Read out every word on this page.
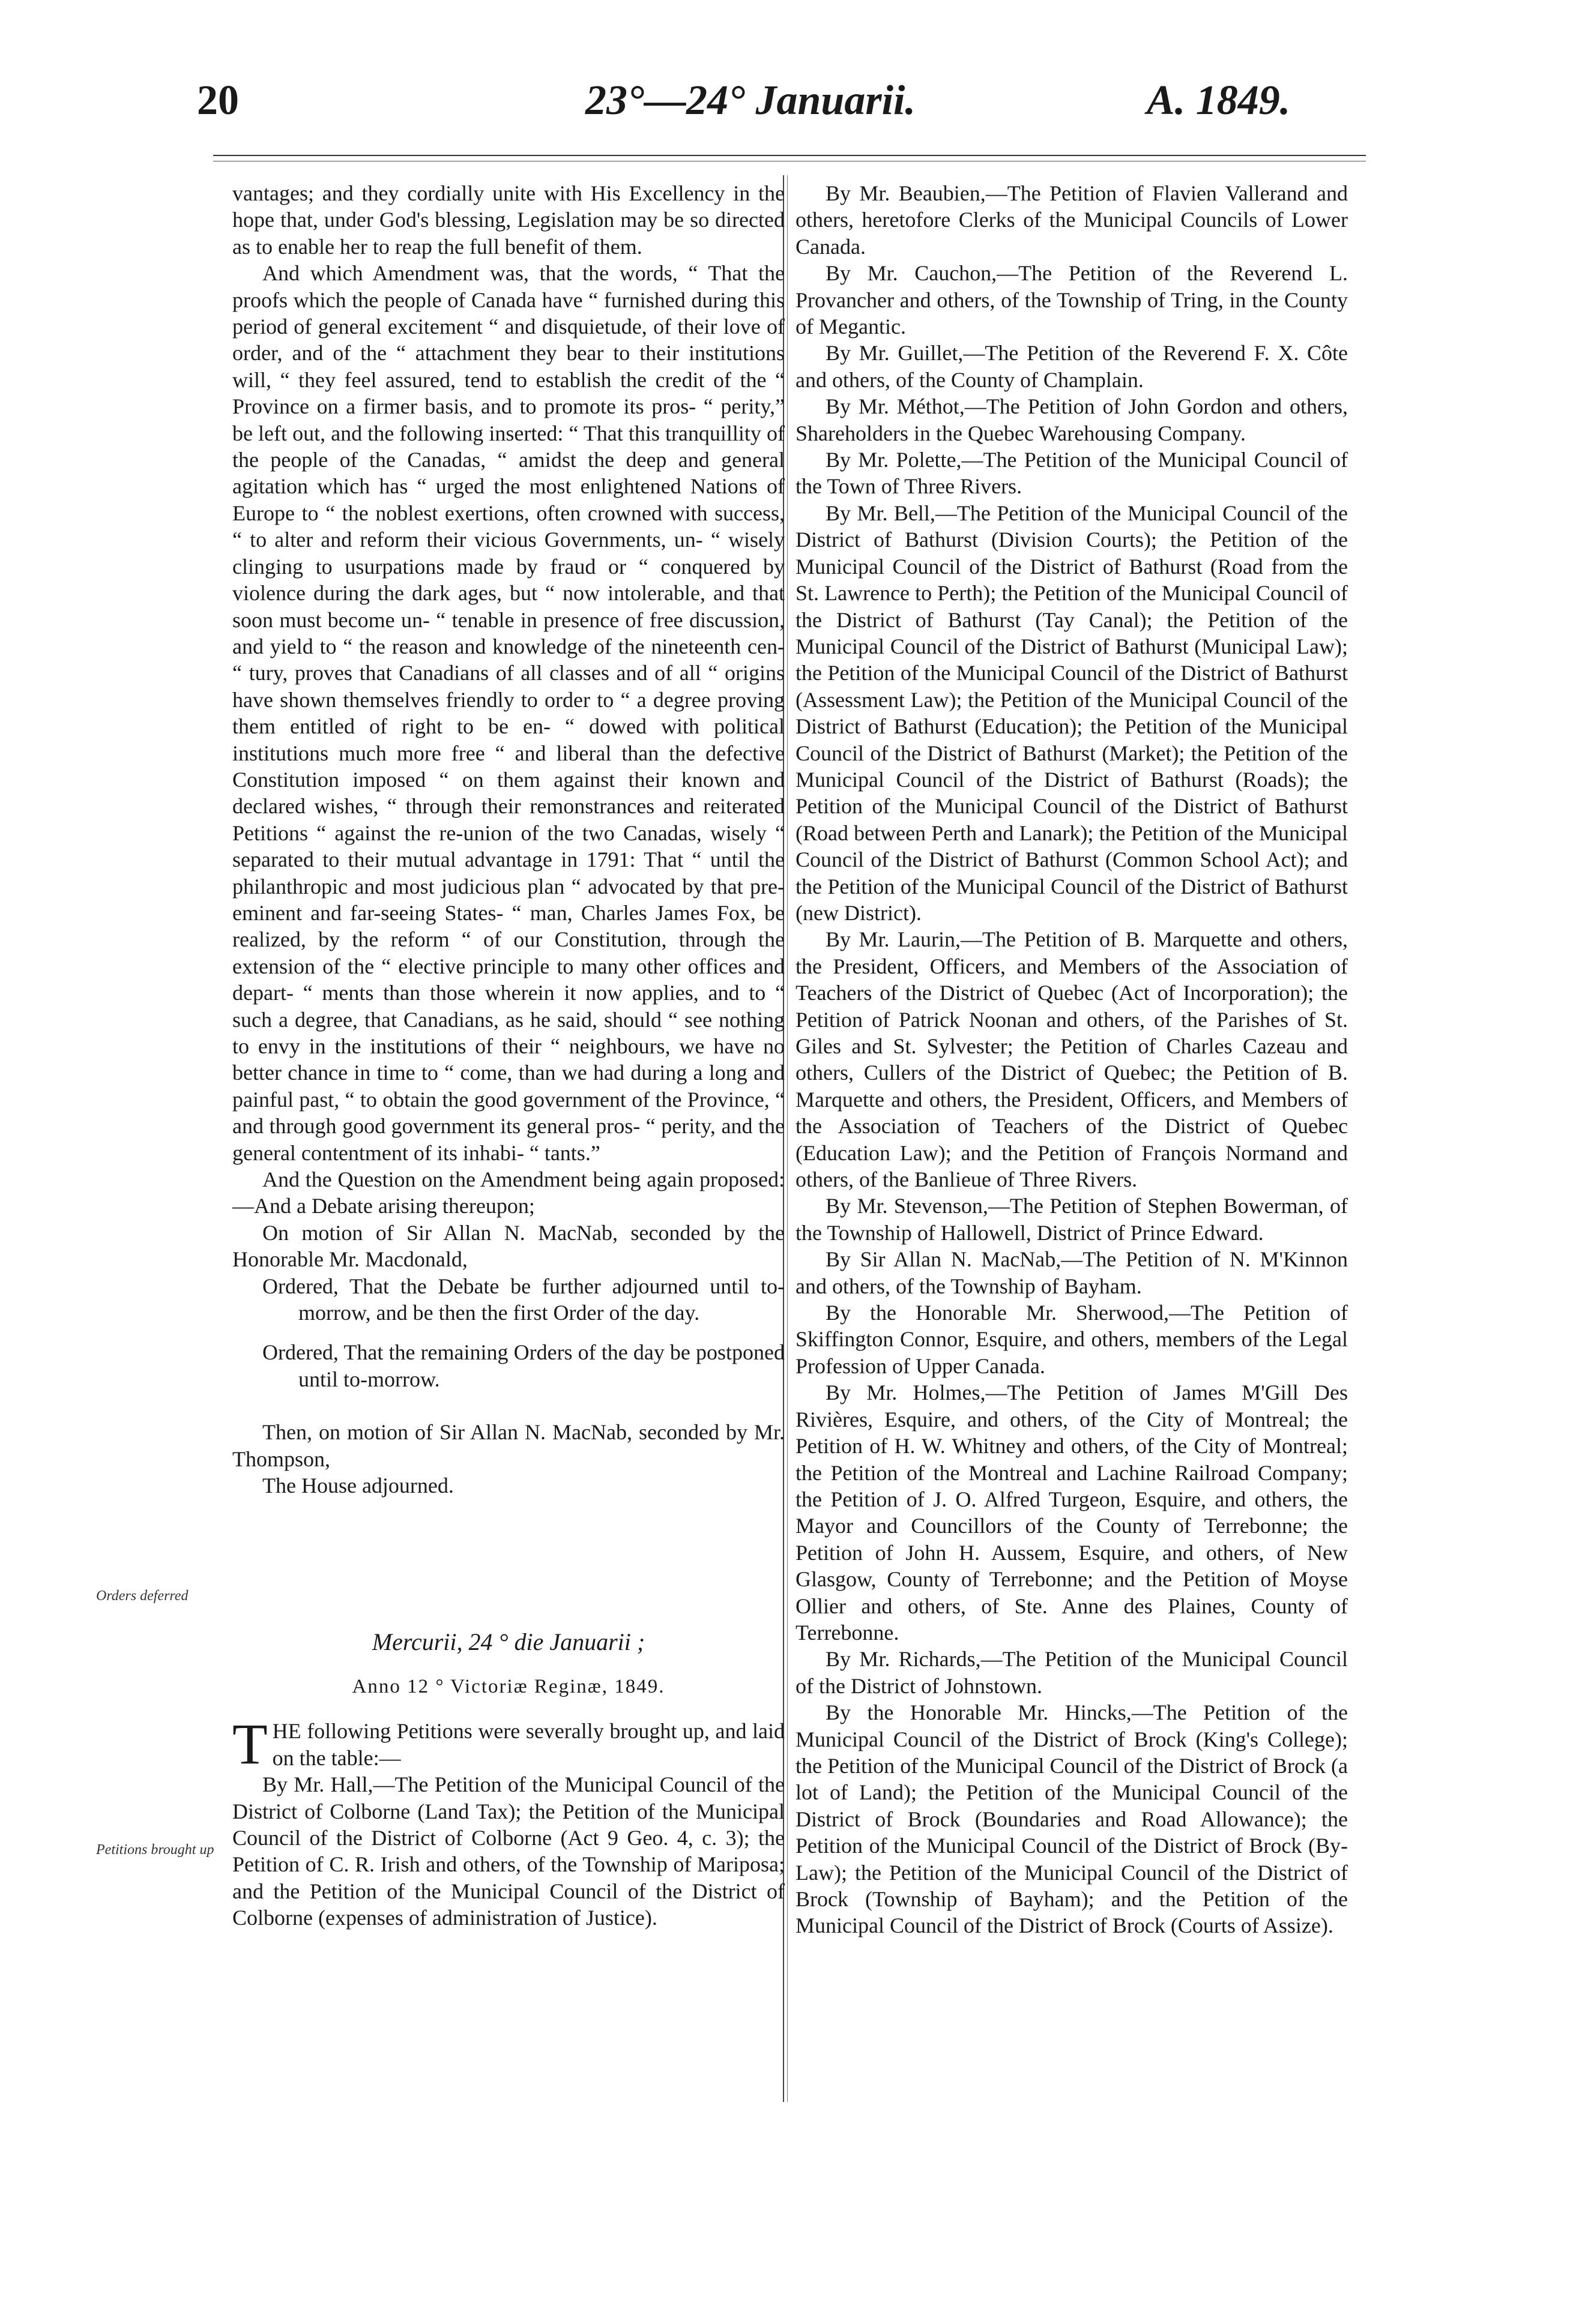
20	23°—24° Januarii.	A. 1849.
Orders deferred
Petitions brought up

vantages; and they cordially unite with His Excellency in the hope that, under God's blessing, Legislation may be so directed as to enable her to reap the full benefit of them.

And which Amendment was, that the words, “ That the proofs which the people of Canada have “ furnished during this period of general excitement “ and disquietude, of their love of order, and of the “ attachment they bear to their institutions will, “ they feel assured, tend to establish the credit of the “ Province on a firmer basis, and to promote its pros- “ perity,” be left out, and the following inserted: “ That this tranquillity of the people of the Canadas, “ amidst the deep and general agitation which has “ urged the most enlightened Nations of Europe to “ the noblest exertions, often crowned with success, “ to alter and reform their vicious Governments, un- “ wisely clinging to usurpations made by fraud or “ conquered by violence during the dark ages, but “ now intolerable, and that soon must become un- “ tenable in presence of free discussion, and yield to “ the reason and knowledge of the nineteenth cen- “ tury, proves that Canadians of all classes and of all “ origins have shown themselves friendly to order to “ a degree proving them entitled of right to be en- “ dowed with political institutions much more free “ and liberal than the defective Constitution imposed “ on them against their known and declared wishes, “ through their remonstrances and reiterated Petitions “ against the re-union of the two Canadas, wisely “ separated to their mutual advantage in 1791: That “ until the philanthropic and most judicious plan “ advocated by that pre-eminent and far-seeing States- “ man, Charles James Fox, be realized, by the reform “ of our Constitution, through the extension of the “ elective principle to many other offices and depart- “ ments than those wherein it now applies, and to “ such a degree, that Canadians, as he said, should “ see nothing to envy in the institutions of their “ neighbours, we have no better chance in time to “ come, than we had during a long and painful past, “ to obtain the good government of the Province, “ and through good government its general pros- “ perity, and the general contentment of its inhabi- “ tants.”

And the Question on the Amendment being again proposed:—And a Debate arising thereupon;

On motion of Sir Allan N. MacNab, seconded by the Honorable Mr. Macdonald,

Ordered, That the Debate be further adjourned until to-morrow, and be then the first Order of the day.

Ordered, That the remaining Orders of the day be postponed until to-morrow.

Then, on motion of Sir Allan N. MacNab, seconded by Mr. Thompson,

The House adjourned.

Mercurii, 24 ° die Januarii ;

Anno 12 ° Victoriæ Reginæ, 1849.

THE following Petitions were severally brought up, and laid on the table:—

By Mr. Hall,—The Petition of the Municipal Council of the District of Colborne (Land Tax); the Petition of the Municipal Council of the District of Colborne (Act 9 Geo. 4, c. 3); the Petition of C. R. Irish and others, of the Township of Mariposa; and the Petition of the Municipal Council of the District of Colborne (expenses of administration of Justice).

By Mr. Beaubien,—The Petition of Flavien Vallerand and others, heretofore Clerks of the Municipal Councils of Lower Canada.

By Mr. Cauchon,—The Petition of the Reverend L. Provancher and others, of the Township of Tring, in the County of Megantic.

By Mr. Guillet,—The Petition of the Reverend F. X. Côte and others, of the County of Champlain.

By Mr. Méthot,—The Petition of John Gordon and others, Shareholders in the Quebec Warehousing Company.

By Mr. Polette,—The Petition of the Municipal Council of the Town of Three Rivers.

By Mr. Bell,—The Petition of the Municipal Council of the District of Bathurst (Division Courts); the Petition of the Municipal Council of the District of Bathurst (Road from the St. Lawrence to Perth); the Petition of the Municipal Council of the District of Bathurst (Tay Canal); the Petition of the Municipal Council of the District of Bathurst (Municipal Law); the Petition of the Municipal Council of the District of Bathurst (Assessment Law); the Petition of the Municipal Council of the District of Bathurst (Education); the Petition of the Municipal Council of the District of Bathurst (Market); the Petition of the Municipal Council of the District of Bathurst (Roads); the Petition of the Municipal Council of the District of Bathurst (Road between Perth and Lanark); the Petition of the Municipal Council of the District of Bathurst (Common School Act); and the Petition of the Municipal Council of the District of Bathurst (new District).

By Mr. Laurin,—The Petition of B. Marquette and others, the President, Officers, and Members of the Association of Teachers of the District of Quebec (Act of Incorporation); the Petition of Patrick Noonan and others, of the Parishes of St. Giles and St. Sylvester; the Petition of Charles Cazeau and others, Cullers of the District of Quebec; the Petition of B. Marquette and others, the President, Officers, and Members of the Association of Teachers of the District of Quebec (Education Law); and the Petition of François Normand and others, of the Banlieue of Three Rivers.

By Mr. Stevenson,—The Petition of Stephen Bowerman, of the Township of Hallowell, District of Prince Edward.

By Sir Allan N. MacNab,—The Petition of N. M'Kinnon and others, of the Township of Bayham.

By the Honorable Mr. Sherwood,—The Petition of Skiffington Connor, Esquire, and others, members of the Legal Profession of Upper Canada.

By Mr. Holmes,—The Petition of James M'Gill Des Rivières, Esquire, and others, of the City of Montreal; the Petition of H. W. Whitney and others, of the City of Montreal; the Petition of the Montreal and Lachine Railroad Company; the Petition of J. O. Alfred Turgeon, Esquire, and others, the Mayor and Councillors of the County of Terrebonne; the Petition of John H. Aussem, Esquire, and others, of New Glasgow, County of Terrebonne; and the Petition of Moyse Ollier and others, of Ste. Anne des Plaines, County of Terrebonne.

By Mr. Richards,—The Petition of the Municipal Council of the District of Johnstown.

By the Honorable Mr. Hincks,—The Petition of the Municipal Council of the District of Brock (King's College); the Petition of the Municipal Council of the District of Brock (a lot of Land); the Petition of the Municipal Council of the District of Brock (Boundaries and Road Allowance); the Petition of the Municipal Council of the District of Brock (By-Law); the Petition of the Municipal Council of the District of Brock (Township of Bayham); and the Petition of the Municipal Council of the District of Brock (Courts of Assize).
